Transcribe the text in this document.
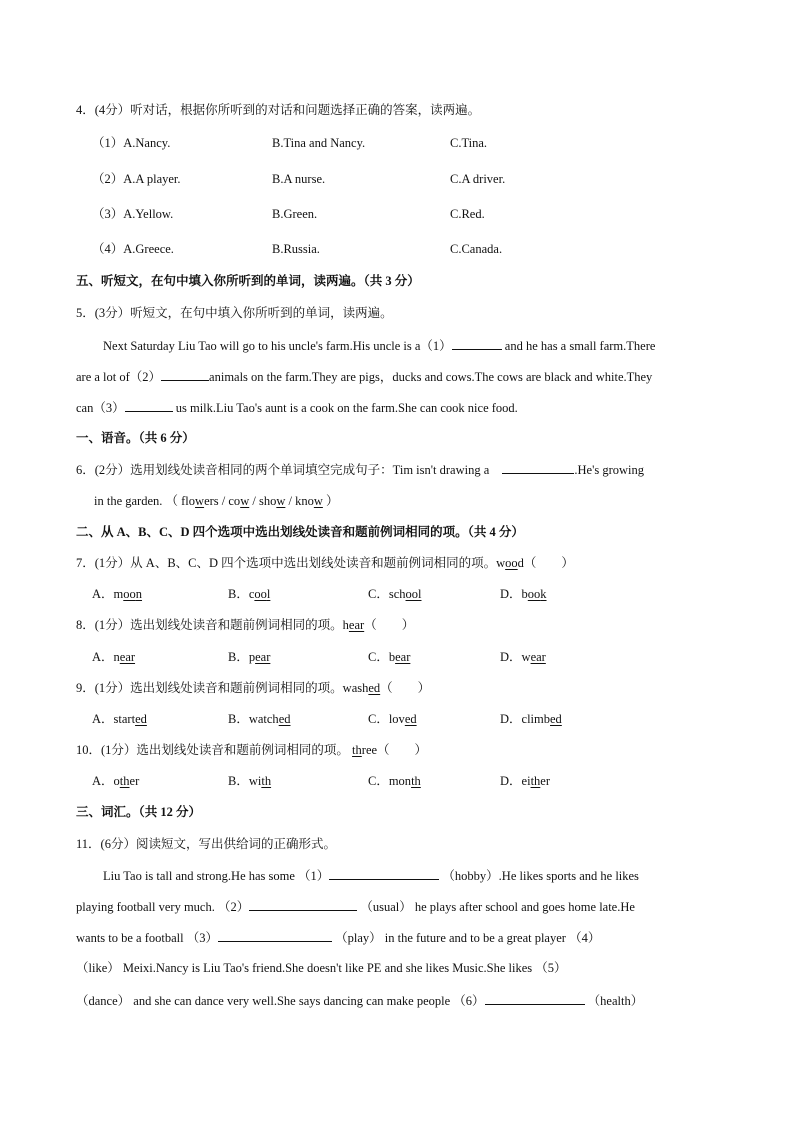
4．(4分）听对话，根据你所听到的对话和问题选择正确的答案，读两遍。
（1）A.Nancy.	B.Tina and Nancy.	C.Tina.
（2）A.A player.	B.A nurse.	C.A driver.
（3）A.Yellow.	B.Green.	C.Red.
（4）A.Greece.	B.Russia.	C.Canada.
五、听短文，在句中填入你所听到的单词，读两遍。（共 3 分）
5．(3分）听短文，在句中填入你所听到的单词，读两遍。
Next Saturday Liu Tao will go to his uncle's farm.His uncle is a（1）	and he has a small farm.There
are a lot of（2）	animals on the farm.They are pigs，ducks and cows.The cows are black and white.They
can（3）	us milk.Liu Tao's aunt is a cook on the farm.She can cook nice food.
一、语音。（共 6 分）
6．(2分）选用划线处读音相同的两个单词填空完成句子：Tim isn't drawing a	.He's growing
in the garden. （ flowers / cow / show / know ）
二、从 A、B、C、D 四个选项中选出划线处读音和题前例词相同的项。（共 4 分）
7．(1分）从 A、B、C、D 四个选项中选出划线处读音和题前例词相同的项。wood（　　）
A．moon	B．cool	C．school	D．book
8．(1分）选出划线处读音和题前例词相同的项。hear（　　）
A．near	B．pear	C．bear	D．wear
9．(1分）选出划线处读音和题前例词相同的项。washed（　　）
A．started	B．watched	C．loved	D．climbed
10．(1分）选出划线处读音和题前例词相同的项。 three（　　）
A．other	B．with	C．month	D．either
三、词汇。（共 12 分）
11．(6分）阅读短文，写出供给词的正确形式。
Liu Tao is tall and strong.He has some （1）	（hobby）.He likes sports and he likes
playing football very much. （2）	（usual） he plays after school and goes home late.He
wants to be a football （3）	（play） in the future and to be a great player （4）
（like） Meixi.Nancy is Liu Tao's friend.She doesn't like PE and she likes Music.She likes （5）
（dance） and she can dance very well.She says dancing can make people （6）	（health）
